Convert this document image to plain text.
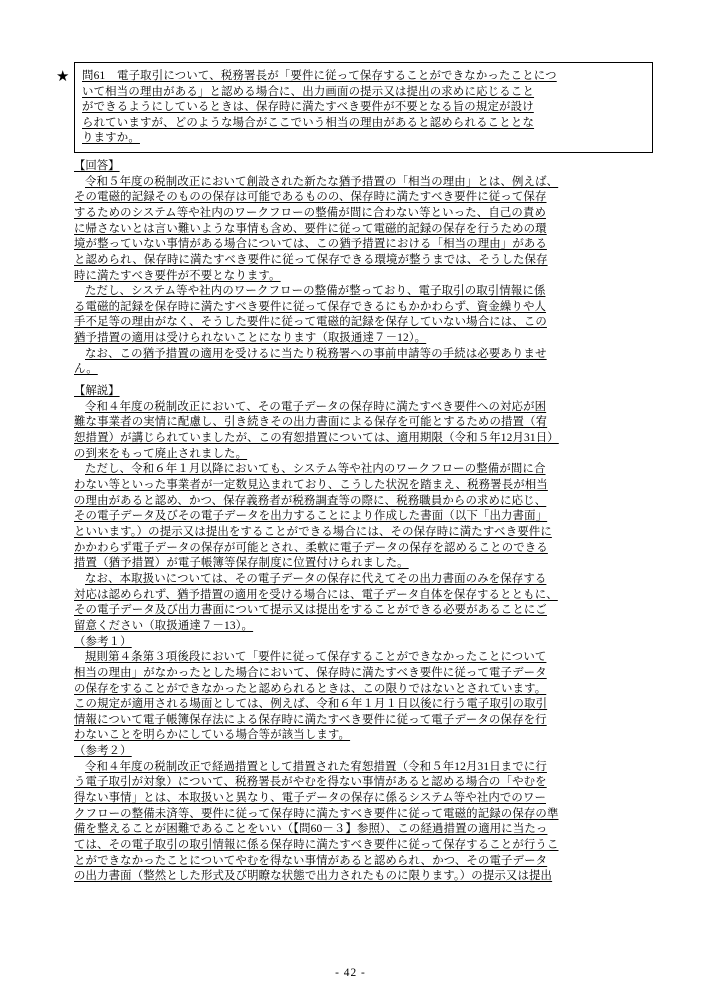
★ 問61　電子取引について、税務署長が「要件に従って保存することができなかったことにつ
いて相当の理由がある」と認める場合に、出力画面の提示又は提出の求めに応じること
ができるようにしているときは、保存時に満たすべき要件が不要となる旨の規定が設け
られていますが、どのような場合がここでいう相当の理由があると認められることとな
りますか。
【回答】
令和５年度の税制改正において創設された新たな猶予措置の「相当の理由」とは、例えば、
その電磁的記録そのものの保存は可能であるものの、保存時に満たすべき要件に従って保存
するためのシステム等や社内のワークフローの整備が間に合わない等といった、自己の責め
に帰さないとは言い難いような事情も含め、要件に従って電磁的記録の保存を行うための環
境が整っていない事情がある場合については、この猶予措置における「相当の理由」がある
と認められ、保存時に満たすべき要件に従って保存できる環境が整うまでは、そうした保存
時に満たすべき要件が不要となります。
ただし、システム等や社内のワークフローの整備が整っており、電子取引の取引情報に係
る電磁的記録を保存時に満たすべき要件に従って保存できるにもかかわらず、資金繰りや人
手不足等の理由がなく、そうした要件に従って電磁的記録を保存していない場合には、この
猶予措置の適用は受けられないことになります（取扱通達７－12）。
なお、この猶予措置の適用を受けるに当たり税務署への事前申請等の手続は必要ありませ
ん。
【解説】
令和４年度の税制改正において、その電子データの保存時に満たすべき要件への対応が困
難な事業者の実情に配慮し、引き続きその出力書面による保存を可能とするための措置（宥
恕措置）が講じられていましたが、この宥恕措置については、適用期限（令和５年12月31日）
の到来をもって廃止されました。
ただし、令和６年１月以降においても、システム等や社内のワークフローの整備が間に合
わない等といった事業者が一定数見込まれており、こうした状況を踏まえ、税務署長が相当
の理由があると認め、かつ、保存義務者が税務調査等の際に、税務職員からの求めに応じ、
その電子データ及びその電子データを出力することにより作成した書面（以下「出力書面」
といいます。）の提示又は提出をすることができる場合には、その保存時に満たすべき要件に
かかわらず電子データの保存が可能とされ、柔軟に電子データの保存を認めることのできる
措置（猶予措置）が電子帳簿等保存制度に位置付けられました。
なお、本取扱いについては、その電子データの保存に代えてその出力書面のみを保存する
対応は認められず、猶予措置の適用を受ける場合には、電子データ自体を保存するとともに、
その電子データ及び出力書面について提示又は提出をすることができる必要があることにご
留意ください（取扱通達７－13）。
（参考１）
規則第４条第３項後段において「要件に従って保存することができなかったことについて
相当の理由」がなかったとした場合において、保存時に満たすべき要件に従って電子データ
の保存をすることができなかったと認められるときは、この限りではないとされています。
この規定が適用される場面としては、例えば、令和６年１月１日以後に行う電子取引の取引
情報について電子帳簿保存法による保存時に満たすべき要件に従って電子データの保存を行
わないことを明らかにしている場合等が該当します。
（参考２）
令和４年度の税制改正で経過措置として措置された宥恕措置（令和５年12月31日までに行
う電子取引が対象）について、税務署長がやむを得ない事情があると認める場合の「やむを
得ない事情」とは、本取扱いと異なり、電子データの保存に係るシステム等や社内でのワー
クフローの整備未済等、要件に従って保存時に満たすべき要件に従って電磁的記録の保存の準
備を整えることが困難であることをいい（【問60－３】参照）、この経過措置の適用に当たっ
ては、その電子取引の取引情報に係る保存時に満たすべき要件に従って保存することが行うこ
とができなかったことについてやむを得ない事情があると認められ、かつ、その電子データ
の出力書面（整然とした形式及び明瞭な状態で出力されたものに限ります。）の提示又は提出
- 42 -
